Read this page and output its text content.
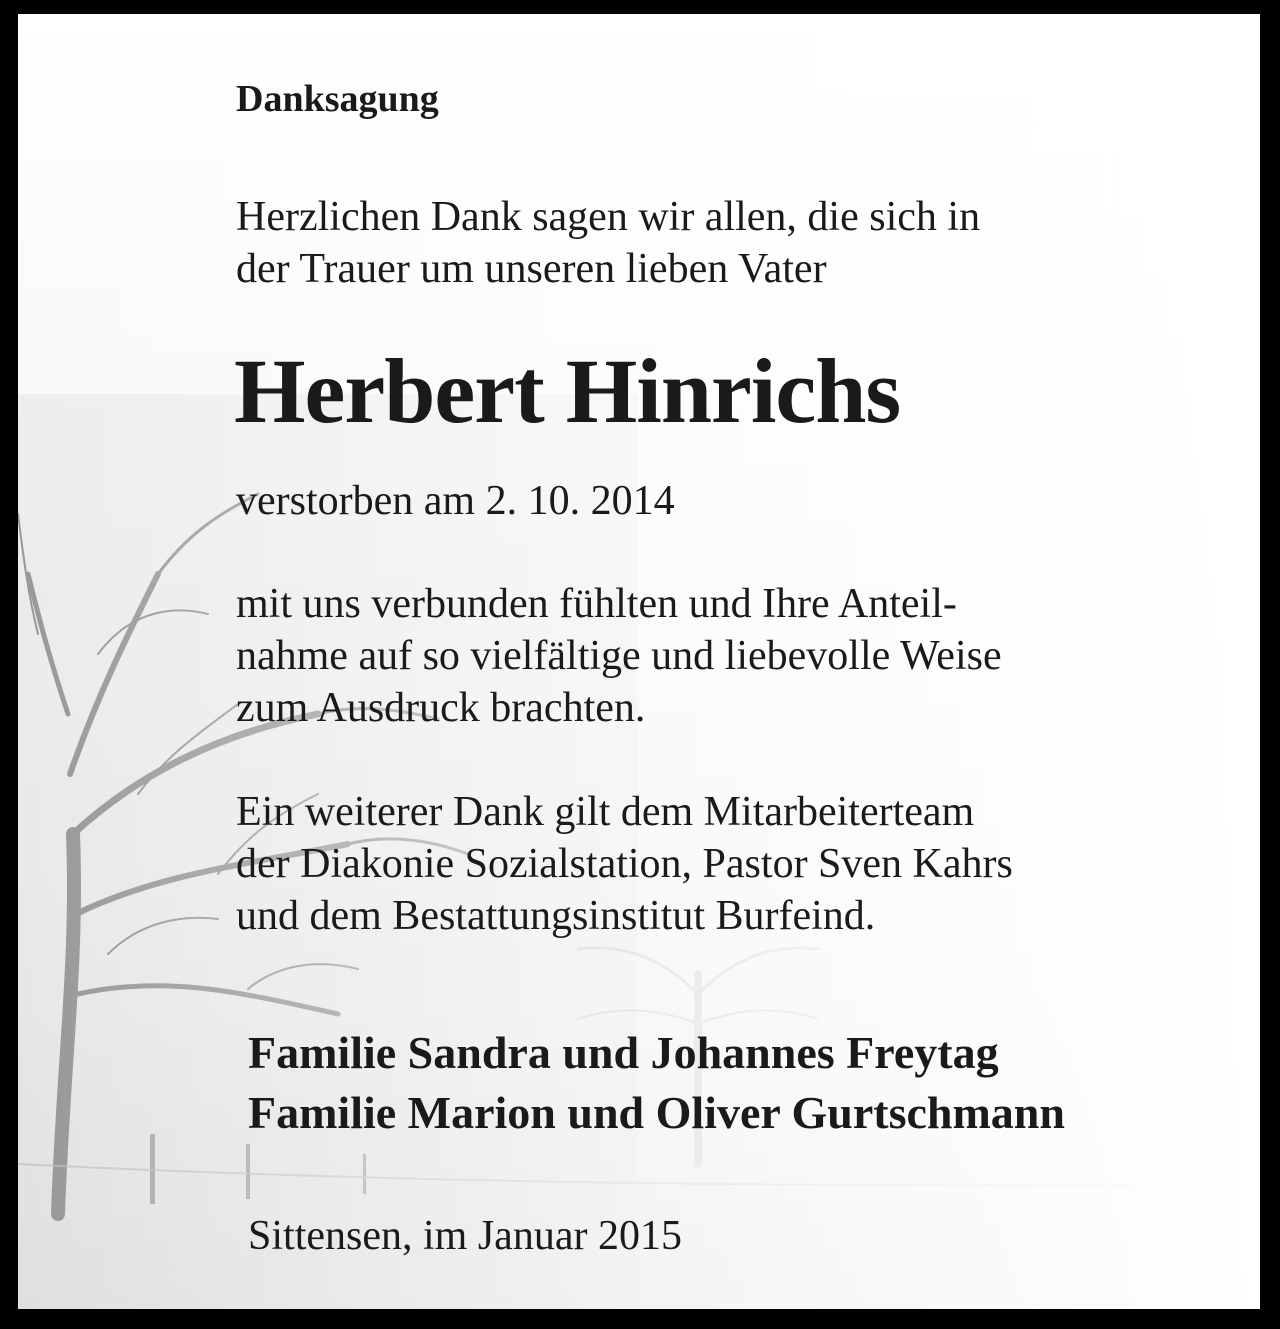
Danksagung

Herzlichen Dank sagen wir allen, die sich in
der Trauer um unseren lieben Vater

Herbert Hinrichs

verstorben am 2. 10. 2014

mit uns verbunden fühlten und Ihre Anteil-
nahme auf so vielfältige und liebevolle Weise
zum Ausdruck brachten.

Ein weiterer Dank gilt dem Mitarbeiterteam
der Diakonie Sozialstation, Pastor Sven Kahrs
und dem Bestattungsinstitut Burfeind.

Familie Sandra und Johannes Freytag
Familie Marion und Oliver Gurtschmann

Sittensen, im Januar 2015
